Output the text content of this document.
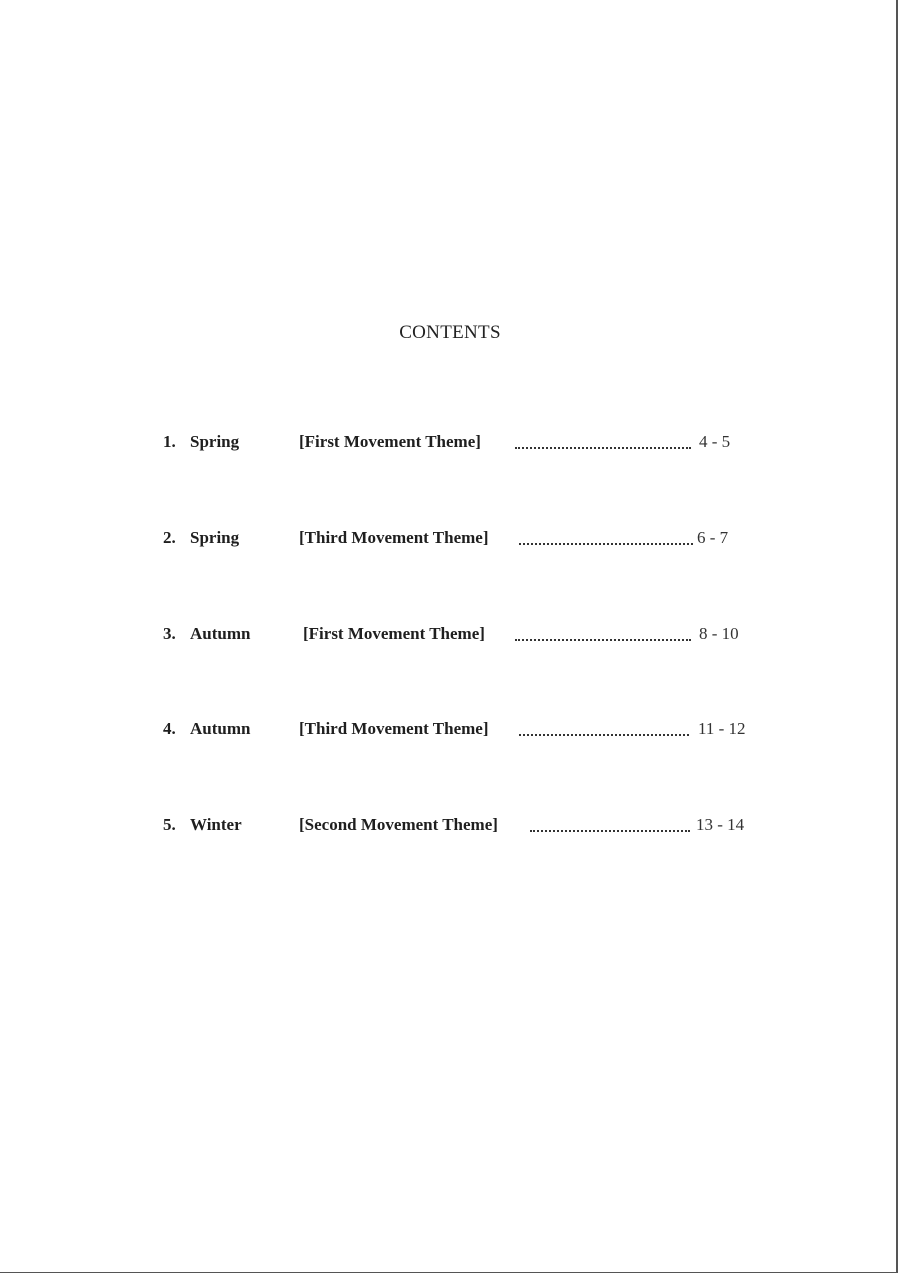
CONTENTS
1. Spring	[First Movement Theme]	4 - 5
2. Spring	[Third Movement Theme]	6 - 7
3. Autumn	[First Movement Theme]	8 - 10
4. Autumn	[Third Movement Theme]	11 - 12
5. Winter	[Second Movement Theme]	13 - 14
